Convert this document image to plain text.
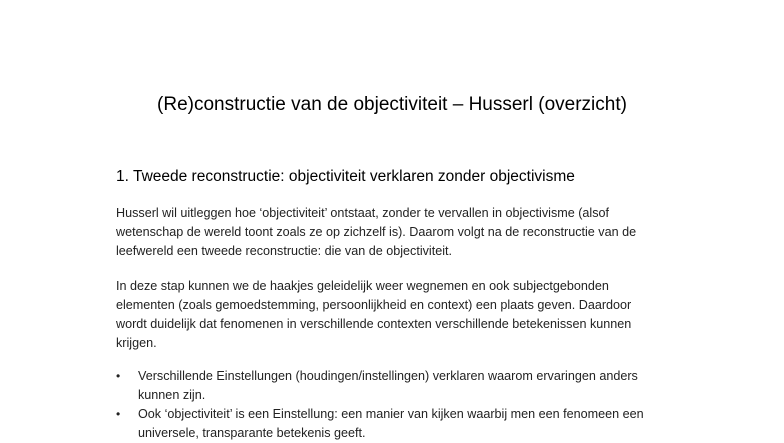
(Re)constructie van de objectiviteit – Husserl (overzicht)
1. Tweede reconstructie: objectiviteit verklaren zonder objectivisme

Husserl wil uitleggen hoe ‘objectiviteit’ ontstaat, zonder te vervallen in objectivisme (alsof wetenschap de wereld toont zoals ze op zichzelf is). Daarom volgt na de reconstructie van de leefwereld een tweede reconstructie: die van de objectiviteit.

In deze stap kunnen we de haakjes geleidelijk weer wegnemen en ook subjectgebonden elementen (zoals gemoedstemming, persoonlijkheid en context) een plaats geven. Daardoor wordt duidelijk dat fenomenen in verschillende contexten verschillende betekenissen kunnen krijgen.

•	Verschillende Einstellungen (houdingen/instellingen) verklaren waarom ervaringen anders kunnen zijn.
•	Ook ‘objectiviteit’ is een Einstellung: een manier van kijken waarbij men een fenomeen een universele, transparante betekenis geeft.
